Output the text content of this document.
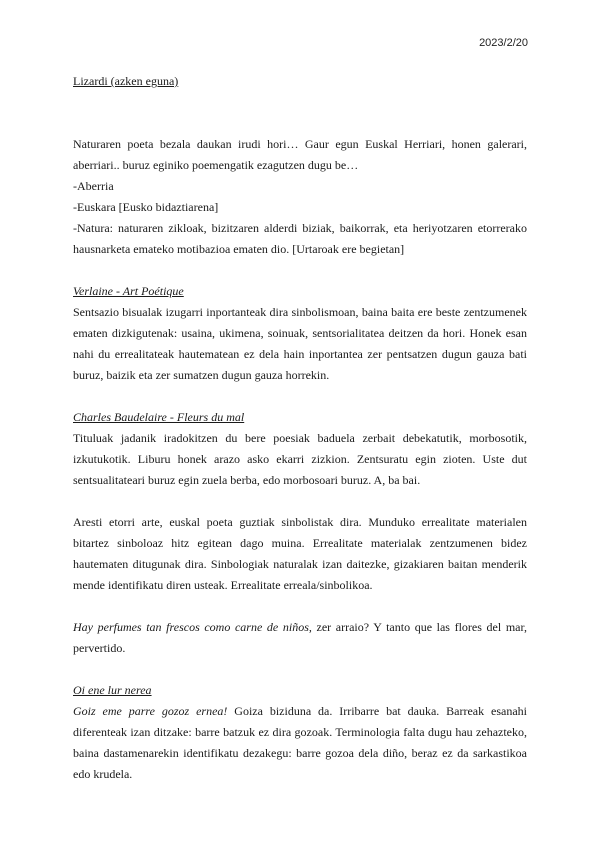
2023/2/20
Lizardi (azken eguna)

Naturaren poeta bezala daukan irudi hori… Gaur egun Euskal Herriari, honen galerari, aberriari.. buruz eginiko poemengatik ezagutzen dugu be…

-Aberria

-Euskara [Eusko bidaztiarena]

-Natura: naturaren zikloak, bizitzaren alderdi biziak, baikorrak, eta heriyotzaren etorrerako hausnarketa emateko motibazioa ematen dio. [Urtaroak ere begietan]

Verlaine - Art Poétique

Sentsazio bisualak izugarri inportanteak dira sinbolismoan, baina baita ere beste zentzumenek ematen dizkigutenak: usaina, ukimena, soinuak, sentsorialitatea deitzen da hori. Honek esan nahi du errealitateak hautematean ez dela hain inportantea zer pentsatzen dugun gauza bati buruz, baizik eta zer sumatzen dugun gauza horrekin.

Charles Baudelaire - Fleurs du mal

Tituluak jadanik iradokitzen du bere poesiak baduela zerbait debekatutik, morbosotik, izkutukotik. Liburu honek arazo asko ekarri zizkion. Zentsuratu egin zioten. Uste dut sentsualitateari buruz egin zuela berba, edo morbosoari buruz. A, ba bai.

Aresti etorri arte, euskal poeta guztiak sinbolistak dira. Munduko errealitate materialen bitartez sinboloaz hitz egitean dago muina. Errealitate materialak zentzumenen bidez hautematen ditugunak dira. Sinbologiak naturalak izan daitezke, gizakiaren baitan menderik mende identifikatu diren usteak. Errealitate erreala/sinbolikoa.

Hay perfumes tan frescos como carne de niños, zer arraio? Y tanto que las flores del mar, pervertido.

Oi ene lur nerea

Goiz eme parre gozoz ernea! Goiza biziduna da. Irribarre bat dauka. Barreak esanahi diferenteak izan ditzake: barre batzuk ez dira gozoak. Terminologia falta dugu hau zehazteko, baina dastamenarekin identifikatu dezakegu: barre gozoa dela diño, beraz ez da sarkastikoa edo krudela.
